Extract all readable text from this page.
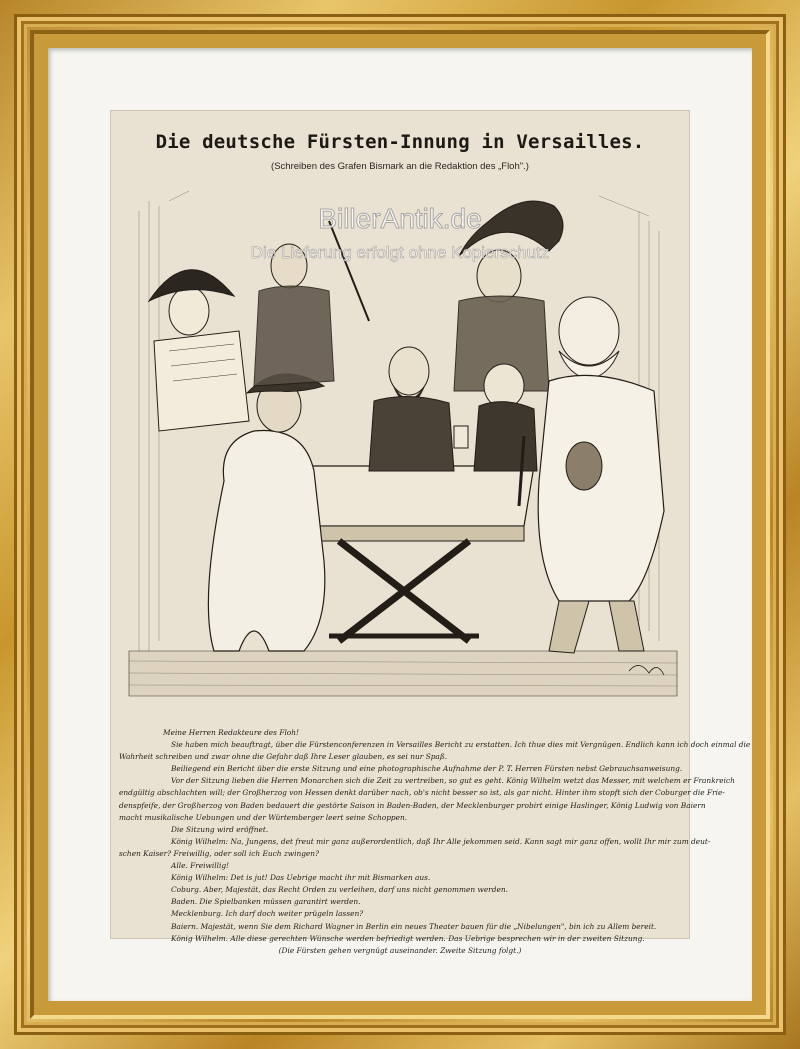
Die deutsche Fürsten-Innung in Versailles.
(Schreiben des Grafen Bismark an die Redaktion des „Floh".)
BillerAntik.de
Die Lieferung erfolgt ohne Kopierschutz
Meine Herren Redakteure des Floh!
Sie haben mich beauftragt, über die Fürstenconferenzen in Versailles Bericht zu erstatten. Ich thue dies mit Vergnügen. Endlich kann ich doch einmal die
Wahrheit schreiben und zwar ohne die Gefahr daß Ihre Leser glauben, es sei nur Spaß.
Beiliegend ein Bericht über die erste Sitzung und eine photographische Aufnahme der P. T. Herren Fürsten nebst Gebrauchsanweisung.
Vor der Sitzung lieben die Herren Monarchen sich die Zeit zu vertreiben, so gut es geht. König Wilhelm wetzt das Messer, mit welchem er Frankreich
endgültig abschlachten will; der Großherzog von Hessen denkt darüber nach, ob's nicht besser so ist, als gar nicht. Hinter ihm stopft sich der Coburger die Frie-
denspfeife, der Großherzog von Baden bedauert die gestörte Saison in Baden-Baden, der Mecklenburger probirt einige Haslinger, König Ludwig von Baiern
macht musikalische Uebungen und der Würtemberger leert seine Schoppen.
Die Sitzung wird eröffnet.
König Wilhelm: Na, Jungens, det freut mir ganz außerordentlich, daß Ihr Alle jekommen seid. Kann sagt mir ganz offen, wollt Ihr mir zum deut-
schen Kaiser? Freiwillig, oder soll ich Euch zwingen?
Alle. Freiwillig!
König Wilhelm: Det is jut! Das Uebrige macht ihr mit Bismarken aus.
Coburg. Aber, Majestät, das Recht Orden zu verleihen, darf uns nicht genommen werden.
Baden. Die Spielbanken müssen garantirt werden.
Mecklenburg. Ich darf doch weiter prügeln lassen?
Baiern. Majestät, wenn Sie dem Richard Wagner in Berlin ein neues Theater bauen für die „Nibelungen", bin ich zu Allem bereit.
König Wilhelm. Alle diese gerechten Wünsche werden befriedigt werden. Das Uebrige besprechen wir in der zweiten Sitzung.
(Die Fürsten gehen vergnügt auseinander. Zweite Sitzung folgt.)
